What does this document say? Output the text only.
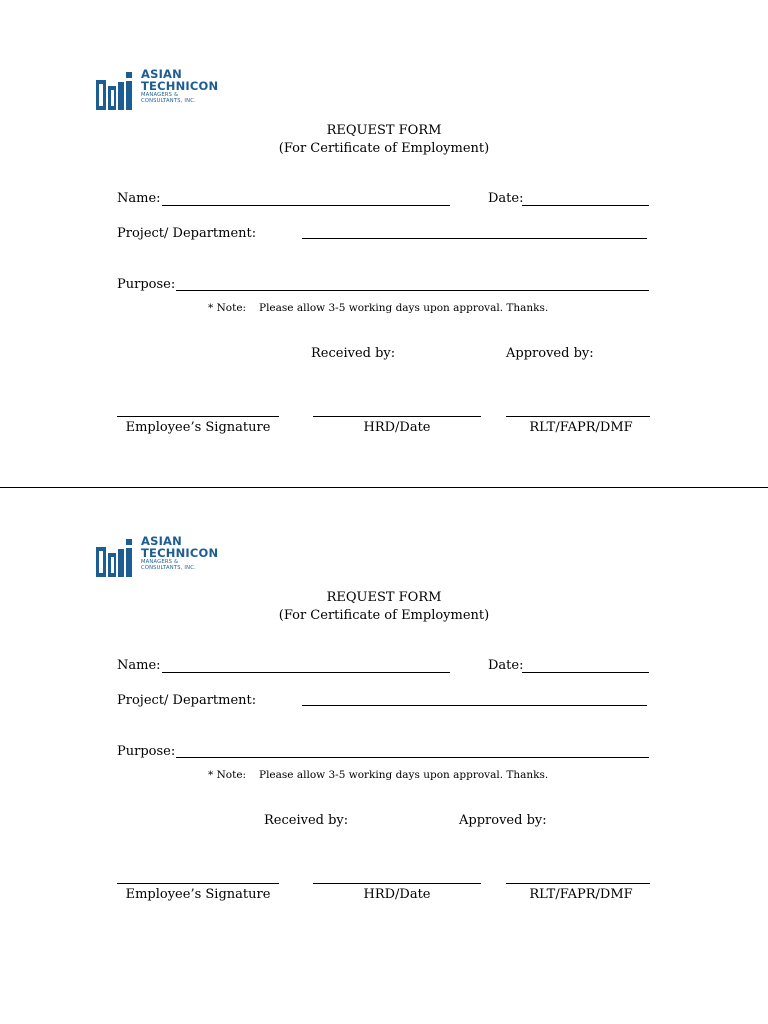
ASIAN
TECHNICON
MANAGERS &
CONSULTANTS, INC.
REQUEST FORM
(For Certificate of Employment)
Name:	Date:
Project/ Department:
Purpose:
* Note: Please allow 3-5 working days upon approval. Thanks.
Received by:	Approved by:
Employee’s Signature	HRD/Date	RLT/FAPR/DMF
ASIAN
TECHNICON
MANAGERS &
CONSULTANTS, INC.
REQUEST FORM
(For Certificate of Employment)
Name:	Date:
Project/ Department:
Purpose:
* Note: Please allow 3-5 working days upon approval. Thanks.
Received by:	Approved by:
Employee’s Signature	HRD/Date	RLT/FAPR/DMF
